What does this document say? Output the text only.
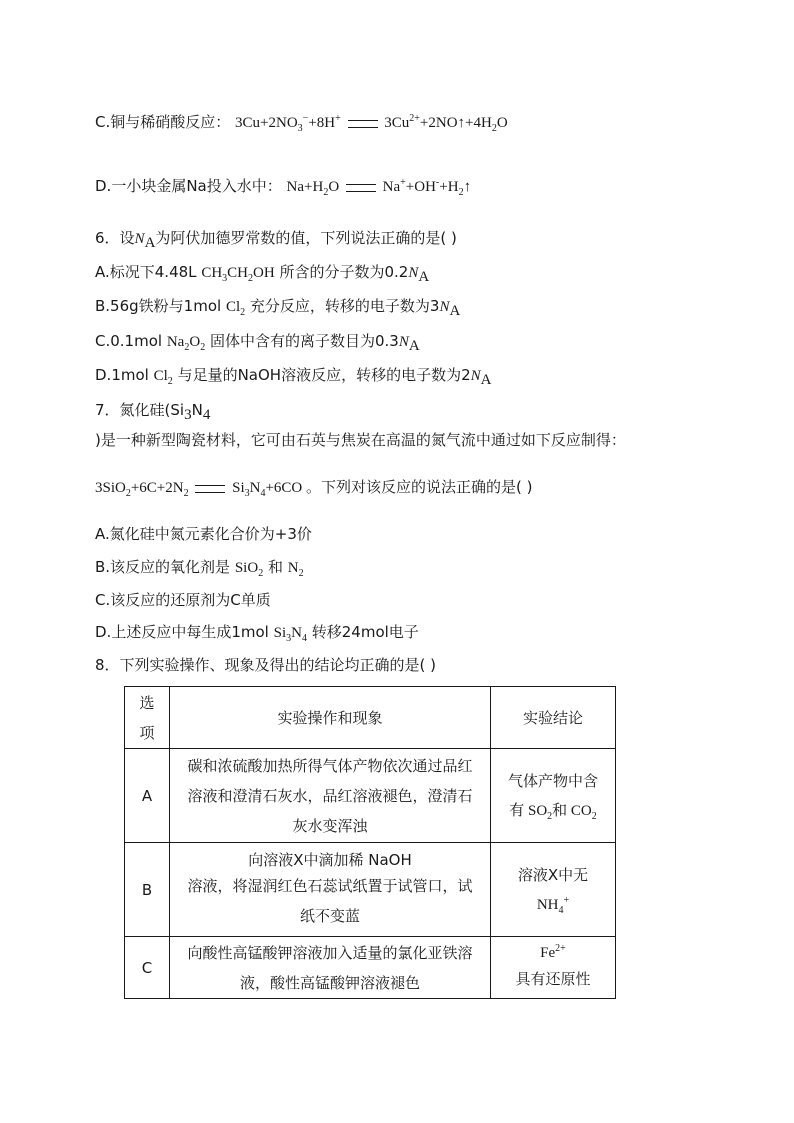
C.铜与稀硝酸反应： $3Cu+2NO_3^-+8H^+$	$3Cu^{2+}+2NO↑+4H_2O$
D.一小块金属Na投入水中： $Na+H_2O$	$Na^++OH^-+H_2↑$
6．设$N_A$为阿伏加德罗常数的值，下列说法正确的是( )
A.标况下4.48L $CH_3CH_2OH$ 所含的分子数为$0.2N_A$
B.56g铁粉与1mol $Cl_2$ 充分反应，转移的电子数为$3N_A$
C.0.1mol $Na_2O_2$ 固体中含有的离子数目为$0.3N_A$
D.1mol $Cl_2$ 与足量的NaOH溶液反应，转移的电子数为$2N_A$
7．氮化硅($Si_3N_4$
)是一种新型陶瓷材料，它可由石英与焦炭在高温的氮气流中通过如下反应制得：
$3SiO_2+6C+2N_2$	$Si_3N_4+6CO$ 。下列对该反应的说法正确的是( )
A.氮化硅中氮元素化合价为+3价
B.该反应的氧化剂是 SiO$_2$ 和 $N_2$
C.该反应的还原剂为C单质
D.上述反应中每生成1mol $Si_3N_4$ 转移24mol电子
8．下列实验操作、现象及得出的结论均正确的是( )
选
项	实验操作和现象	实验结论
A	碳和浓硫酸加热所得气体产物依次通过品红
溶液和澄清石灰水，品红溶液褪色，澄清石
灰水变浑浊	气体产物中含
有 $SO_2$和 $CO_2$

B	向溶液X中滴加稀 NaOH
溶液，将湿润红色石蕊试纸置于试管口，试
纸不变蓝	溶液X中无
$NH_4^+$

C	向酸性高锰酸钾溶液加入适量的氯化亚铁溶
液，酸性高锰酸钾溶液褪色	$Fe^{2+}$
具有还原性
